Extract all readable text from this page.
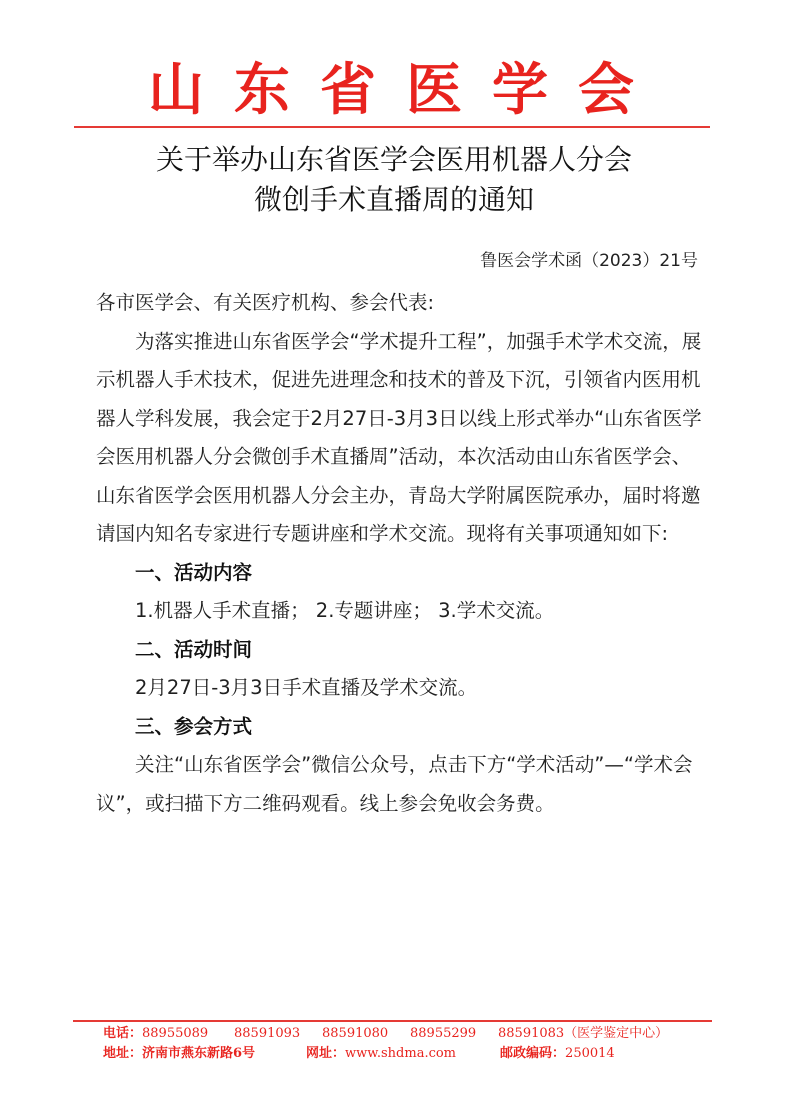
山东省医学会
关于举办山东省医学会医用机器人分会
微创手术直播周的通知
鲁医会学术函（2023）21号

各市医学会、有关医疗机构、参会代表:

为落实推进山东省医学会“学术提升工程”，加强手术学术交流，展示机器人手术技术，促进先进理念和技术的普及下沉，引领省内医用机器人学科发展，我会定于2月27日-3月3日以线上形式举办“山东省医学会医用机器人分会微创手术直播周”活动，本次活动由山东省医学会、山东省医学会医用机器人分会主办，青岛大学附属医院承办，届时将邀请国内知名专家进行专题讲座和学术交流。现将有关事项通知如下:

一、活动内容

1.机器人手术直播； 2.专题讲座； 3.学术交流。

二、活动时间

2月27日-3月3日手术直播及学术交流。

三、参会方式

关注“山东省医学会”微信公众号，点击下方“学术活动”—“学术会议”，或扫描下方二维码观看。线上参会免收会务费。

电话： 88955089	88591093	88591080	88955299	88591083（医学鉴定中心）
地址： 济南市燕东新路6号	网址： www.shdma.com	邮政编码： 250014
